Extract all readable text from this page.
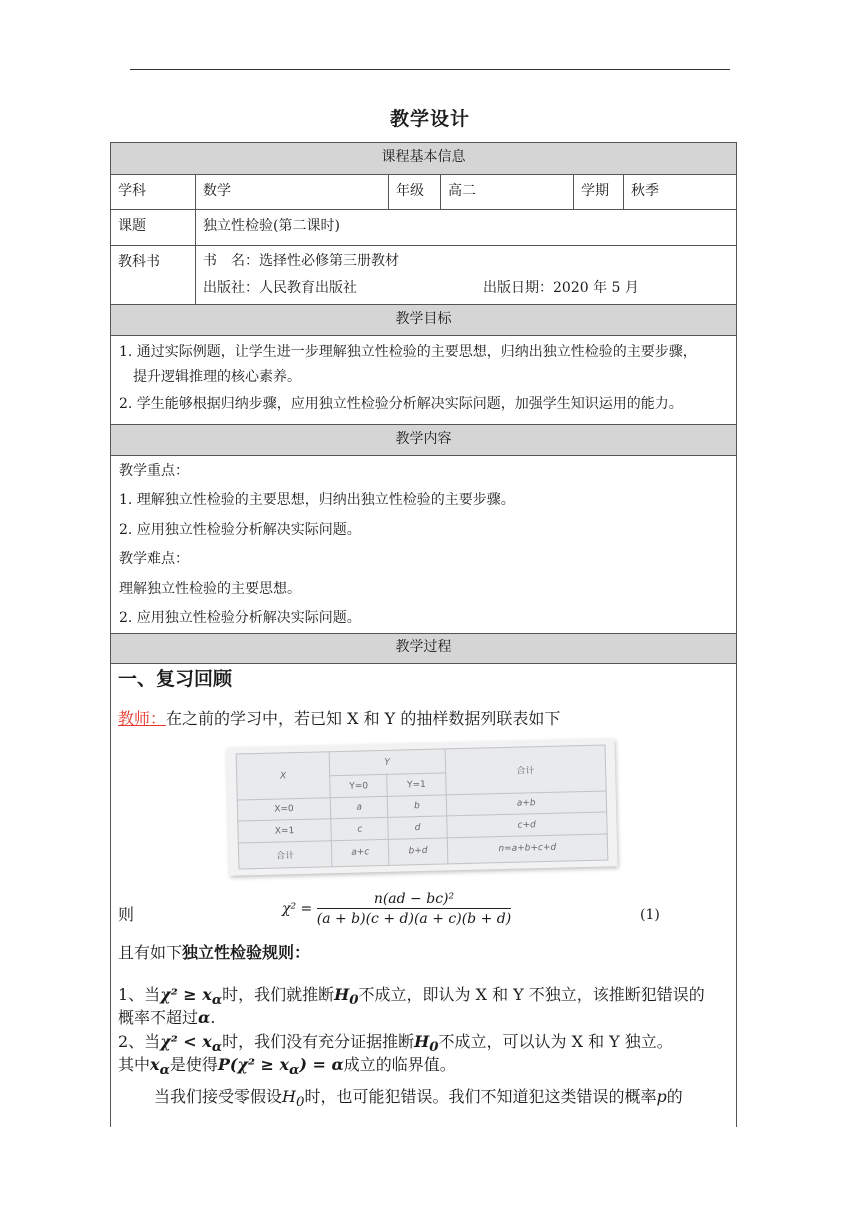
教学设计
课程基本信息
学科	数学	年级	高二	学期	秋季
课题	独立性检验(第二课时)
教科书	书　名：选择性必修第三册教材
出版社：人民教育出版社	出版日期：2020 年 5 月
教学目标
1. 通过实际例题，让学生进一步理解独立性检验的主要思想，归纳出独立性检验的主要步骤，
提升逻辑推理的核心素养。
2. 学生能够根据归纳步骤，应用独立性检验分析解决实际问题，加强学生知识运用的能力。
教学内容
教学重点：
1. 理解独立性检验的主要思想，归纳出独立性检验的主要步骤。
2. 应用独立性检验分析解决实际问题。
教学难点：
理解独立性检验的主要思想。
2. 应用独立性检验分析解决实际问题。
教学过程
一、复习回顾
教师：在之前的学习中，若已知 X 和 Y 的抽样数据列联表如下
X	Y		合计
	Y=0	Y=1	
X=0	a	b	a+b
X=1	c	d	c+d
合计	a+c	b+d	n=a+b+c+d
则	$\chi^2 = \frac{\text{n(ad − bc)²}}{(a + b)(c + d)(a + c)(b + d)}$	(1)
且有如下独立性检验规则：
1、当$\chi^2 \ge x_\alpha$时，我们就推断$H_0$不成立，即认为 X 和 Y 不独立，该推断犯错误的
概率不超过α.
2、当$\chi^2 < x_\alpha$时，我们没有充分证据推断$H_0$不成立，可以认为 X 和 Y 独立。
其中$x_\alpha$是使得$P(\chi^2 \ge x_\alpha) = \alpha$成立的临界值。
当我们接受零假设$H_0$时，也可能犯错误。我们不知道犯这类错误的概率p的
